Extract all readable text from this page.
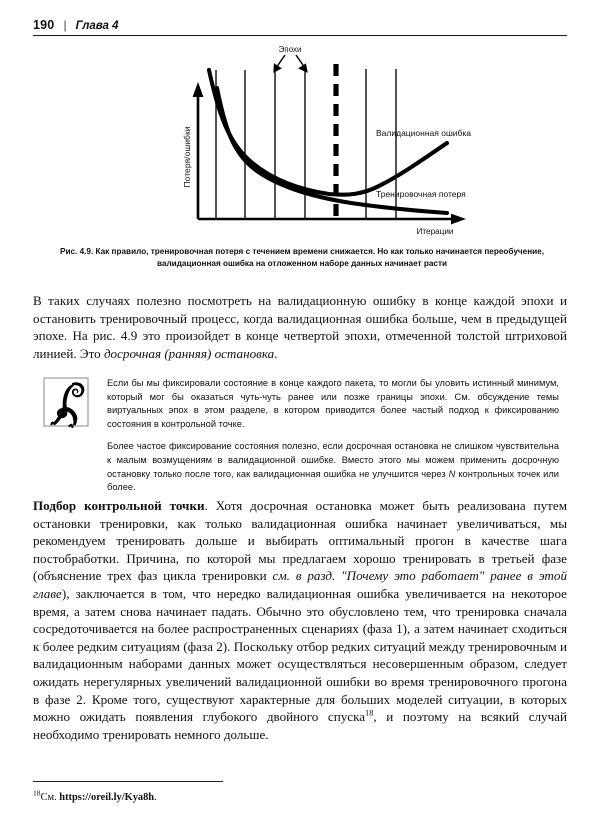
190 | Глава 4
Потеря/ошибки
Итерации
Эпохи
Валидационная ошибка
Тренировочная потеря
Рис. 4.9. Как правило, тренировочная потеря с течением времени снижается. Но как только начинается переобучение, валидационная ошибка на отложенном наборе данных начинает расти
В таких случаях полезно посмотреть на валидационную ошибку в конце каждой эпохи и остановить тренировочный процесс, когда валидационная ошибка больше, чем в предыдущей эпохе. На рис. 4.9 это произойдет в конце четвертой эпохи, отмеченной толстой штриховой линией. Это досрочная (ранняя) остановка.

Если бы мы фиксировали состояние в конце каждого пакета, то могли бы уловить истинный минимум, который мог бы оказаться чуть-чуть ранее или позже границы эпохи. См. обсуждение темы виртуальных эпох в этом разделе, в котором приводится более частый подход к фиксированию состояния в контрольной точке.

Более частое фиксирование состояния полезно, если досрочная остановка не слишком чувствительна к малым возмущениям в валидационной ошибке. Вместо этого мы можем применить досрочную остановку только после того, как валидационная ошибка не улучшится через N контрольных точек или более.

Подбор контрольной точки. Хотя досрочная остановка может быть реализована путем остановки тренировки, как только валидационная ошибка начинает увеличиваться, мы рекомендуем тренировать дольше и выбирать оптимальный прогон в качестве шага постобработки. Причина, по которой мы предлагаем хорошо тренировать в третьей фазе (объяснение трех фаз цикла тренировки см. в разд. "Почему это работает" ранее в этой главе), заключается в том, что нередко валидационная ошибка увеличивается на некоторое время, а затем снова начинает падать. Обычно это обусловлено тем, что тренировка сначала сосредоточивается на более распространенных сценариях (фаза 1), а затем начинает сходиться к более редким ситуациям (фаза 2). Поскольку отбор редких ситуаций между тренировочным и валидационным наборами данных может осуществляться несовершенным образом, следует ожидать нерегулярных увеличений валидационной ошибки во время тренировочного прогона в фазе 2. Кроме того, существуют характерные для больших моделей ситуации, в которых можно ожидать появления глубокого двойного спуска$^{18}$, и поэтому на всякий случай необходимо тренировать немного дольше.
$^{18}$См. https://oreil.ly/Kya8h.
